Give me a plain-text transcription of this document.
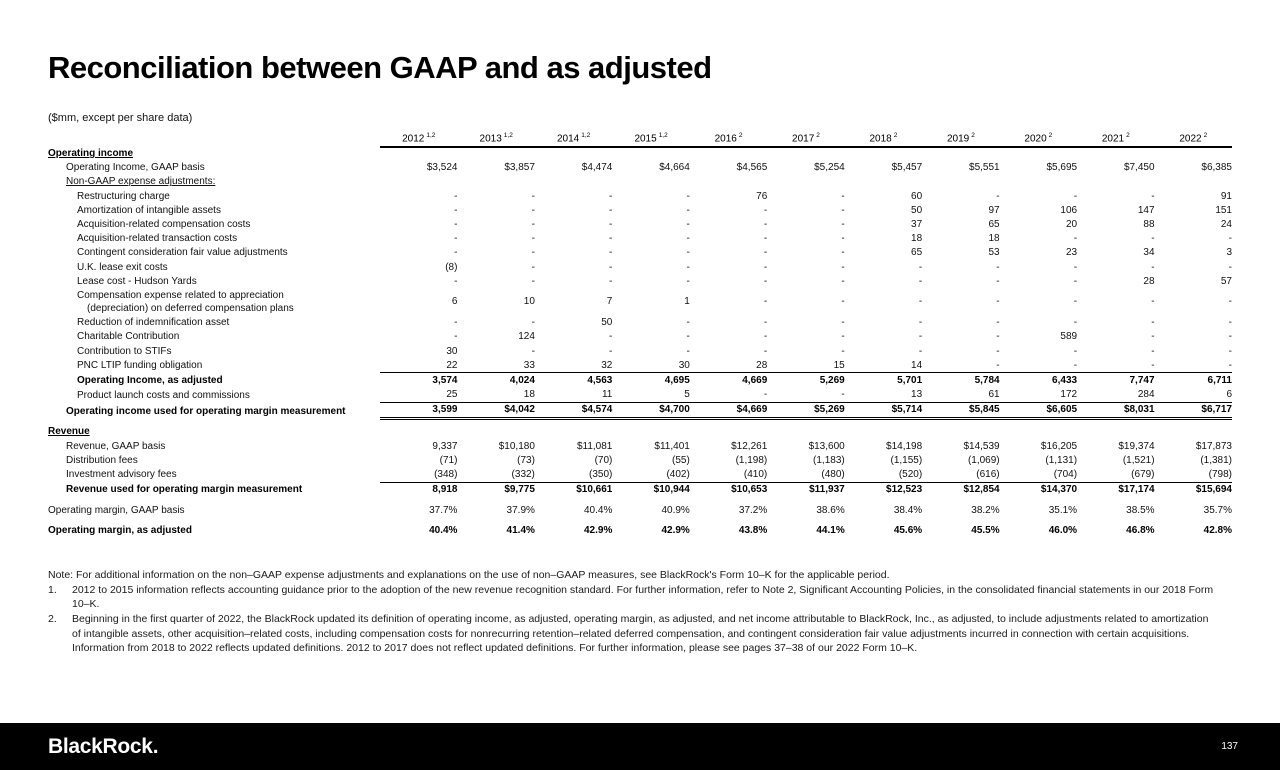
Reconciliation between GAAP and as adjusted
($mm, except per share data)
	2012 $^{1,2}$	2013 $^{1,2}$	2014 $^{1,2}$	2015 $^{1,2}$	2016 $^2$	2017 $^2$	2018 $^2$	2019 $^2$	2020 $^2$	2021 $^2$	2022 $^2$
Operating income											
Operating Income, GAAP basis	$3,524	$3,857	$4,474	$4,664	$4,565	$5,254	$5,457	$5,551	$5,695	$7,450	$6,385
Non-GAAP expense adjustments:											
Restructuring charge	-	-	-	-	76	-	60	-	-	-	91
Amortization of intangible assets	-	-	-	-	-	-	50	97	106	147	151
Acquisition-related compensation costs	-	-	-	-	-	-	37	65	20	88	24
Acquisition-related transaction costs	-	-	-	-	-	-	18	18	-	-	-
Contingent consideration fair value adjustments	-	-	-	-	-	-	65	53	23	34	3
U.K. lease exit costs	(8)	-	-	-	-	-	-	-	-	-	-
Lease cost - Hudson Yards	-	-	-	-	-	-	-	-	-	28	57

Compensation expense related to appreciation
(depreciation) on deferred compensation plans	6	10	7	1	-	-	-	-	-	-	-
Reduction of indemnification asset	-	-	50	-	-	-	-	-	-	-	-
Charitable Contribution	-	124	-	-	-	-	-	-	589	-	-
Contribution to STIFs	30	-	-	-	-	-	-	-	-	-	-
PNC LTIP funding obligation	22	33	32	30	28	15	14	-	-	-	-
Operating Income, as adjusted	3,574	4,024	4,563	4,695	4,669	5,269	5,701	5,784	6,433	7,747	6,711
Product launch costs and commissions	25	18	11	5	-	-	13	61	172	284	6
Operating income used for operating margin measurement	3,599	$4,042	$4,574	$4,700	$4,669	$5,269	$5,714	$5,845	$6,605	$8,031	$6,717
Revenue											
Revenue, GAAP basis	9,337	$10,180	$11,081	$11,401	$12,261	$13,600	$14,198	$14,539	$16,205	$19,374	$17,873
Distribution fees	(71)	(73)	(70)	(55)	(1,198)	(1,183)	(1,155)	(1,069)	(1,131)	(1,521)	(1,381)
Investment advisory fees	(348)	(332)	(350)	(402)	(410)	(480)	(520)	(616)	(704)	(679)	(798)
Revenue used for operating margin measurement	8,918	$9,775	$10,661	$10,944	$10,653	$11,937	$12,523	$12,854	$14,370	$17,174	$15,694
Operating margin, GAAP basis	37.7%	37.9%	40.4%	40.9%	37.2%	38.6%	38.4%	38.2%	35.1%	38.5%	35.7%
Operating margin, as adjusted	40.4%	41.4%	42.9%	42.9%	43.8%	44.1%	45.6%	45.5%	46.0%	46.8%	42.8%
Note: For additional information on the non–GAAP expense adjustments and explanations on the use of non–GAAP measures, see BlackRock's Form 10–K for the applicable period.
1.	2012 to 2015 information reflects accounting guidance prior to the adoption of the new revenue recognition standard. For further information, refer to Note 2, Significant Accounting Policies, in the consolidated financial statements in our 2018 Form 10–K.
2.	Beginning in the first quarter of 2022, the BlackRock updated its definition of operating income, as adjusted, operating margin, as adjusted, and net income attributable to BlackRock, Inc., as adjusted, to include adjustments related to amortization of intangible assets, other acquisition–related costs, including compensation costs for nonrecurring retention–related deferred compensation, and contingent consideration fair value adjustments incurred in connection with certain acquisitions. Information from 2018 to 2022 reflects updated definitions. 2012 to 2017 does not reflect updated definitions. For further information, please see pages 37–38 of our 2022 Form 10–K.
BlackRock.	137
